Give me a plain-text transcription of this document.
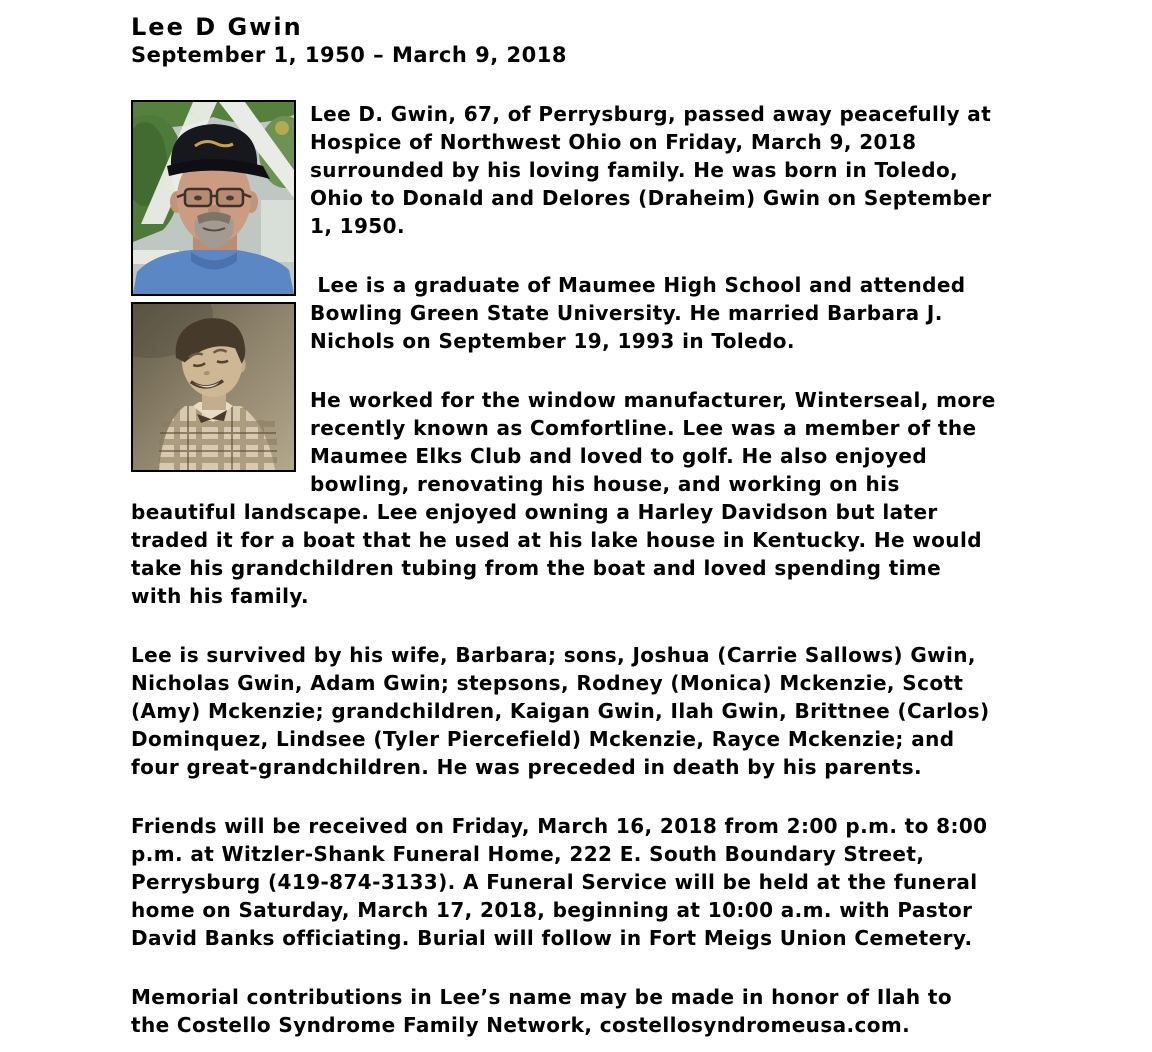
Lee D Gwin
September 1, 1950 – March 9, 2018

Lee D. Gwin, 67, of Perrysburg, passed away peacefully at Hospice of Northwest Ohio on Friday, March 9, 2018 surrounded by his loving family. He was born in Toledo, Ohio to Donald and Delores (Draheim) Gwin on September 1, 1950.

Lee is a graduate of Maumee High School and attended Bowling Green State University. He married Barbara J. Nichols on September 19, 1993 in Toledo.

He worked for the window manufacturer, Winterseal, more recently known as Comfortline. Lee was a member of the Maumee Elks Club and loved to golf. He also enjoyed bowling, renovating his house, and working on his beautiful landscape. Lee enjoyed owning a Harley Davidson but later traded it for a boat that he used at his lake house in Kentucky. He would take his grandchildren tubing from the boat and loved spending time with his family.

Lee is survived by his wife, Barbara; sons, Joshua (Carrie Sallows) Gwin, Nicholas Gwin, Adam Gwin; stepsons, Rodney (Monica) Mckenzie, Scott (Amy) Mckenzie; grandchildren, Kaigan Gwin, Ilah Gwin, Brittnee (Carlos) Dominquez, Lindsee (Tyler Piercefield) Mckenzie, Rayce Mckenzie; and four great-grandchildren. He was preceded in death by his parents.

Friends will be received on Friday, March 16, 2018 from 2:00 p.m. to 8:00 p.m. at Witzler-Shank Funeral Home, 222 E. South Boundary Street, Perrysburg (419-874-3133). A Funeral Service will be held at the funeral home on Saturday, March 17, 2018, beginning at 10:00 a.m. with Pastor David Banks officiating. Burial will follow in Fort Meigs Union Cemetery.

Memorial contributions in Lee’s name may be made in honor of Ilah to the Costello Syndrome Family Network, costellosyndromeusa.com.
